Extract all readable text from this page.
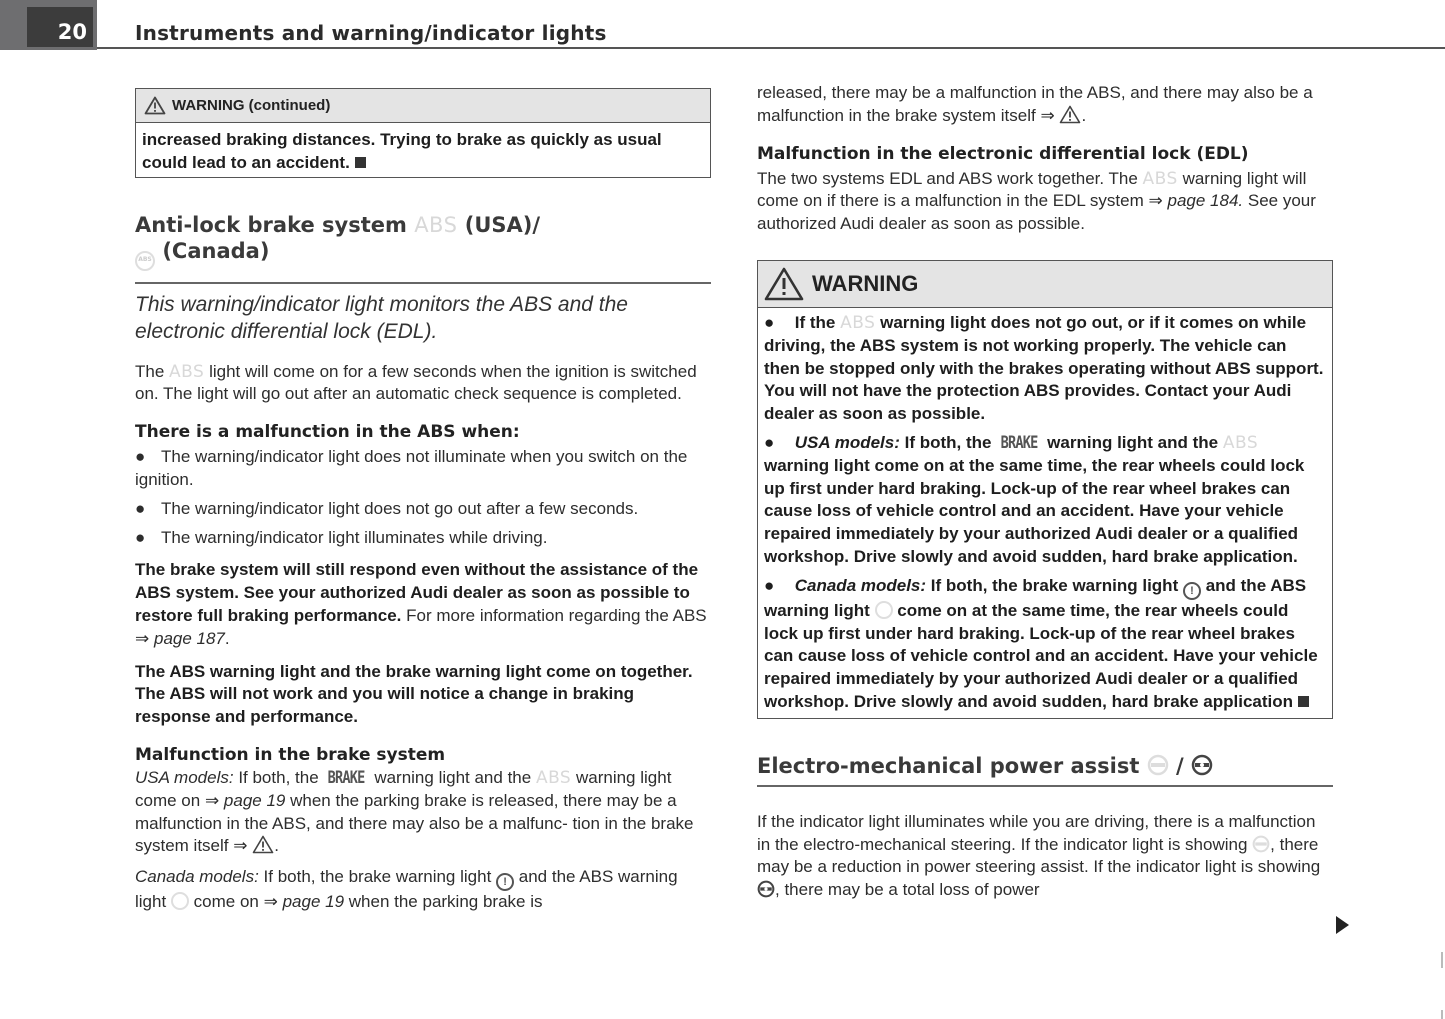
20 Instruments and warning/indicator lights
WARNING (continued)
increased braking distances. Trying to brake as quickly as usual could lead to an accident.
Anti-lock brake system ABS (USA)/
ABS (Canada)
This warning/indicator light monitors the ABS and the electronic differential lock (EDL).
The ABS light will come on for a few seconds when the ignition is switched on. The light will go out after an automatic check sequence is completed.
There is a malfunction in the ABS when:
● The warning/indicator light does not illuminate when you switch on the ignition.
● The warning/indicator light does not go out after a few seconds.
● The warning/indicator light illuminates while driving.
The brake system will still respond even without the assistance of the ABS system. See your authorized Audi dealer as soon as possible to restore full braking performance. For more information regarding the ABS ⇒ page 187.
The ABS warning light and the brake warning light come on together. The ABS will not work and you will notice a change in braking response and performance.
Malfunction in the brake system
USA models: If both, the BRAKE warning light and the ABS warning light come on ⇒ page 19 when the parking brake is released, there may be a malfunction in the ABS, and there may also be a malfunc- tion in the brake system itself ⇒ .
Canada models: If both, the brake warning light ! and the ABS warning light come on ⇒ page 19 when the parking brake is
released, there may be a malfunction in the ABS, and there may also be a malfunction in the brake system itself ⇒ .
Malfunction in the electronic differential lock (EDL)
The two systems EDL and ABS work together. The ABS warning light will come on if there is a malfunction in the EDL system ⇒ page 184. See your authorized Audi dealer as soon as possible.
WARNING
● If the ABS warning light does not go out, or if it comes on while driving, the ABS system is not working properly. The vehicle can then be stopped only with the brakes operating without ABS support. You will not have the protection ABS provides. Contact your Audi dealer as soon as possible.
● USA models: If both, the BRAKE warning light and the ABS warning light come on at the same time, the rear wheels could lock up first under hard braking. Lock-up of the rear wheel brakes can cause loss of vehicle control and an accident. Have your vehicle repaired immediately by your authorized Audi dealer or a qualified workshop. Drive slowly and avoid sudden, hard brake application.
● Canada models: If both, the brake warning light ! and the ABS warning light come on at the same time, the rear wheels could lock up first under hard braking. Lock-up of the rear wheel brakes can cause loss of vehicle control and an accident. Have your vehicle repaired immediately by your authorized Audi dealer or a qualified workshop. Drive slowly and avoid sudden, hard brake application
Electro-mechanical power assist /
If the indicator light illuminates while you are driving, there is a malfunction in the electro-mechanical steering. If the indicator light is showing , there may be a reduction in power steering assist. If the indicator light is showing , there may be a total loss of power
